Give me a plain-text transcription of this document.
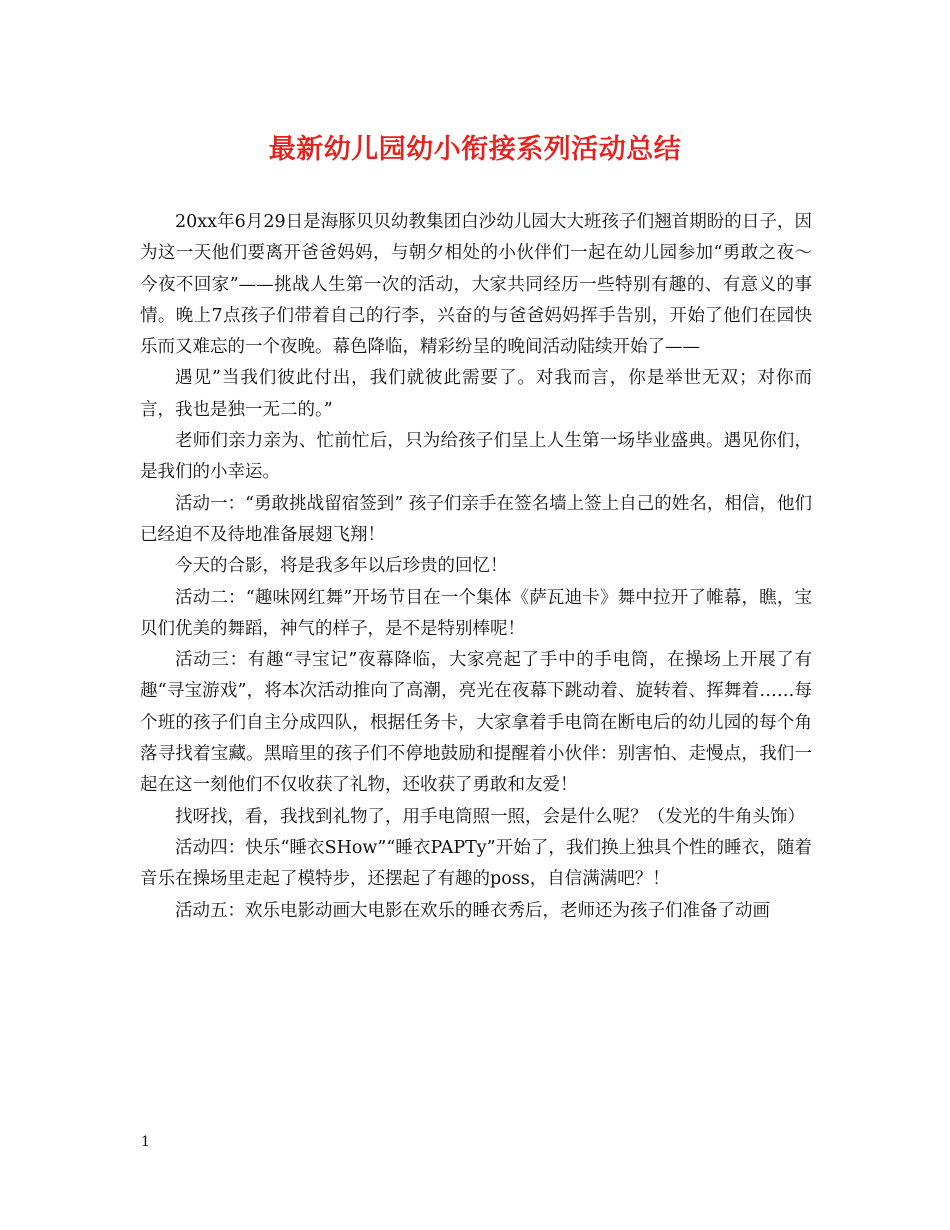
最新幼儿园幼小衔接系列活动总结

20xx年6月29日是海豚贝贝幼教集团白沙幼儿园大大班孩子们翘首期盼的日子，因为这一天他们要离开爸爸妈妈，与朝夕相处的小伙伴们一起在幼儿园参加“勇敢之夜～今夜不回家”——挑战人生第一次的活动，大家共同经历一些特别有趣的、有意义的事情。晚上7点孩子们带着自己的行李，兴奋的与爸爸妈妈挥手告别，开始了他们在园快乐而又难忘的一个夜晚。幕色降临，精彩纷呈的晚间活动陆续开始了——

遇见”当我们彼此付出，我们就彼此需要了。对我而言，你是举世无双；对你而言，我也是独一无二的。”

老师们亲力亲为、忙前忙后，只为给孩子们呈上人生第一场毕业盛典。遇见你们，是我们的小幸运。

活动一：“勇敢挑战留宿签到” 孩子们亲手在签名墙上签上自己的姓名，相信，他们已经迫不及待地准备展翅飞翔！

今天的合影，将是我多年以后珍贵的回忆！

活动二：“趣味网红舞”开场节目在一个集体《萨瓦迪卡》舞中拉开了帷幕，瞧，宝贝们优美的舞蹈，神气的样子，是不是特别棒呢！

活动三：有趣“寻宝记”夜幕降临，大家亮起了手中的手电筒，在操场上开展了有趣“寻宝游戏”，将本次活动推向了高潮，亮光在夜幕下跳动着、旋转着、挥舞着……每个班的孩子们自主分成四队，根据任务卡，大家拿着手电筒在断电后的幼儿园的每个角落寻找着宝藏。黑暗里的孩子们不停地鼓励和提醒着小伙伴：别害怕、走慢点，我们一起在这一刻他们不仅收获了礼物，还收获了勇敢和友爱！

找呀找，看，我找到礼物了，用手电筒照一照，会是什么呢？（发光的牛角头饰）

活动四：快乐“睡衣SHow”“睡衣PAPTy”开始了，我们换上独具个性的睡衣，随着音乐在操场里走起了模特步，还摆起了有趣的poss，自信满满吧？！

活动五：欢乐电影动画大电影在欢乐的睡衣秀后，老师还为孩子们准备了动画

1
